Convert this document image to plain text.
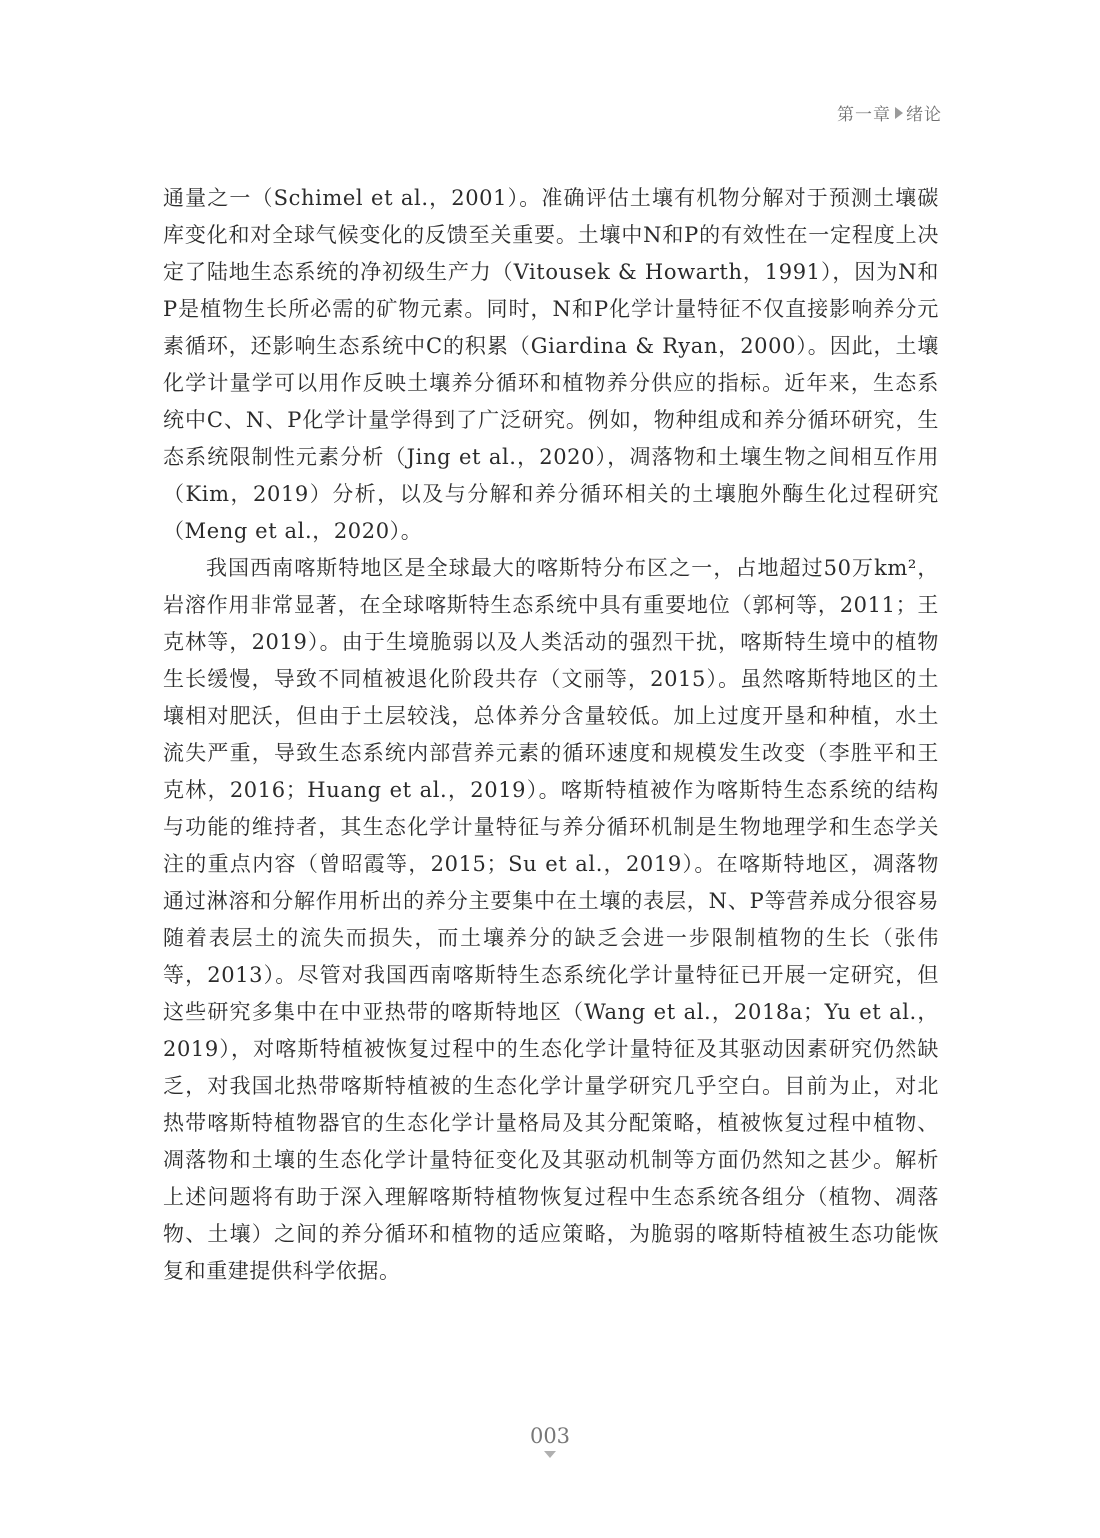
第一章 绪论

通量之一（Schimel et al.，2001）。准确评估土壤有机物分解对于预测土壤碳库变化和对全球气候变化的反馈至关重要。土壤中N和P的有效性在一定程度上决定了陆地生态系统的净初级生产力（Vitousek & Howarth，1991），因为N和P是植物生长所必需的矿物元素。同时，N和P化学计量特征不仅直接影响养分元素循环，还影响生态系统中C的积累（Giardina & Ryan，2000）。因此，土壤化学计量学可以用作反映土壤养分循环和植物养分供应的指标。近年来，生态系统中C、N、P化学计量学得到了广泛研究。例如，物种组成和养分循环研究，生态系统限制性元素分析（Jing et al.，2020），凋落物和土壤生物之间相互作用（Kim，2019）分析，以及与分解和养分循环相关的土壤胞外酶生化过程研究（Meng et al.，2020）。

我国西南喀斯特地区是全球最大的喀斯特分布区之一，占地超过50万km²，岩溶作用非常显著，在全球喀斯特生态系统中具有重要地位（郭柯等，2011；王克林等，2019）。由于生境脆弱以及人类活动的强烈干扰，喀斯特生境中的植物生长缓慢，导致不同植被退化阶段共存（文丽等，2015）。虽然喀斯特地区的土壤相对肥沃，但由于土层较浅，总体养分含量较低。加上过度开垦和种植，水土流失严重，导致生态系统内部营养元素的循环速度和规模发生改变（李胜平和王克林，2016；Huang et al.，2019）。喀斯特植被作为喀斯特生态系统的结构与功能的维持者，其生态化学计量特征与养分循环机制是生物地理学和生态学关注的重点内容（曾昭霞等，2015；Su et al.，2019）。在喀斯特地区，凋落物通过淋溶和分解作用析出的养分主要集中在土壤的表层，N、P等营养成分很容易随着表层土的流失而损失，而土壤养分的缺乏会进一步限制植物的生长（张伟等，2013）。尽管对我国西南喀斯特生态系统化学计量特征已开展一定研究，但这些研究多集中在中亚热带的喀斯特地区（Wang et al.，2018a；Yu et al.，2019），对喀斯特植被恢复过程中的生态化学计量特征及其驱动因素研究仍然缺乏，对我国北热带喀斯特植被的生态化学计量学研究几乎空白。目前为止，对北热带喀斯特植物器官的生态化学计量格局及其分配策略，植被恢复过程中植物、凋落物和土壤的生态化学计量特征变化及其驱动机制等方面仍然知之甚少。解析上述问题将有助于深入理解喀斯特植物恢复过程中生态系统各组分（植物、凋落物、土壤）之间的养分循环和植物的适应策略，为脆弱的喀斯特植被生态功能恢复和重建提供科学依据。

003
